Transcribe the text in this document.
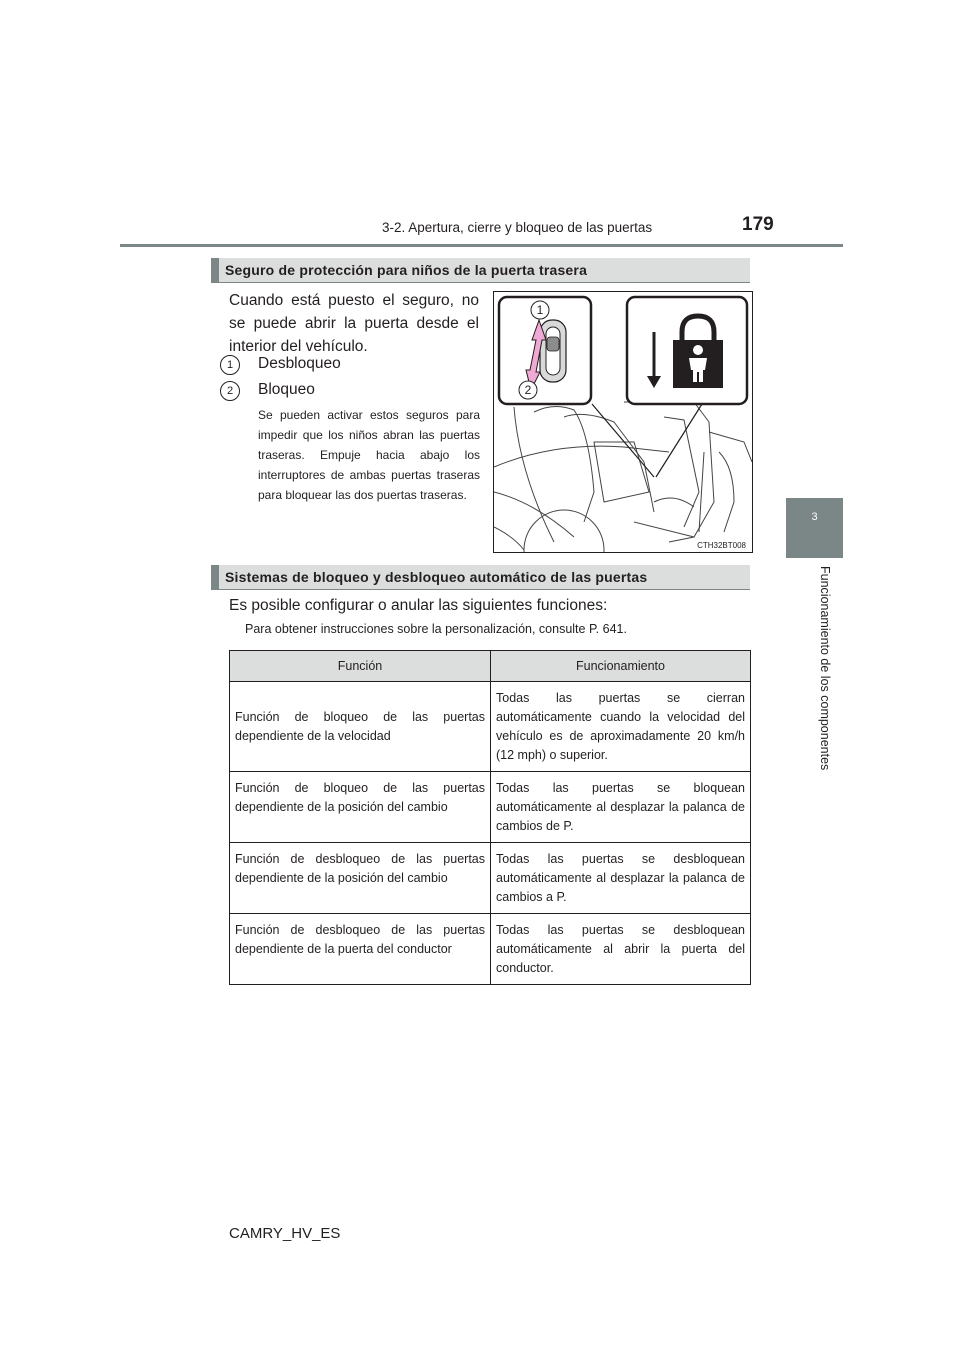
3-2. Apertura, cierre y bloqueo de las puertas	179
3
Funcionamiento de los componentes
Seguro de protección para niños de la puerta trasera
Cuando está puesto el seguro, no se puede abrir la puerta desde el interior del vehículo.
1	Desbloqueo
2	Bloqueo
Se pueden activar estos seguros para impedir que los niños abran las puertas traseras. Empuje hacia abajo los interruptores de ambas puertas traseras para bloquear las dos puertas traseras.
1
2
CTH32BT008
Sistemas de bloqueo y desbloqueo automático de las puertas
Es posible configurar o anular las siguientes funciones:
Para obtener instrucciones sobre la personalización, consulte P. 641.
Función	Funcionamiento
Función de bloqueo de las puertas dependiente de la velocidad	Todas las puertas se cierran automáticamente cuando la velocidad del vehículo es de aproximadamente 20 km/h (12 mph) o superior.
Función de bloqueo de las puertas dependiente de la posición del cambio	Todas las puertas se bloquean automáticamente al desplazar la palanca de cambios de P.
Función de desbloqueo de las puertas dependiente de la posición del cambio	Todas las puertas se desbloquean automáticamente al desplazar la palanca de cambios a P.
Función de desbloqueo de las puertas dependiente de la puerta del conductor	Todas las puertas se desbloquean automáticamente al abrir la puerta del conductor.
CAMRY_HV_ES
